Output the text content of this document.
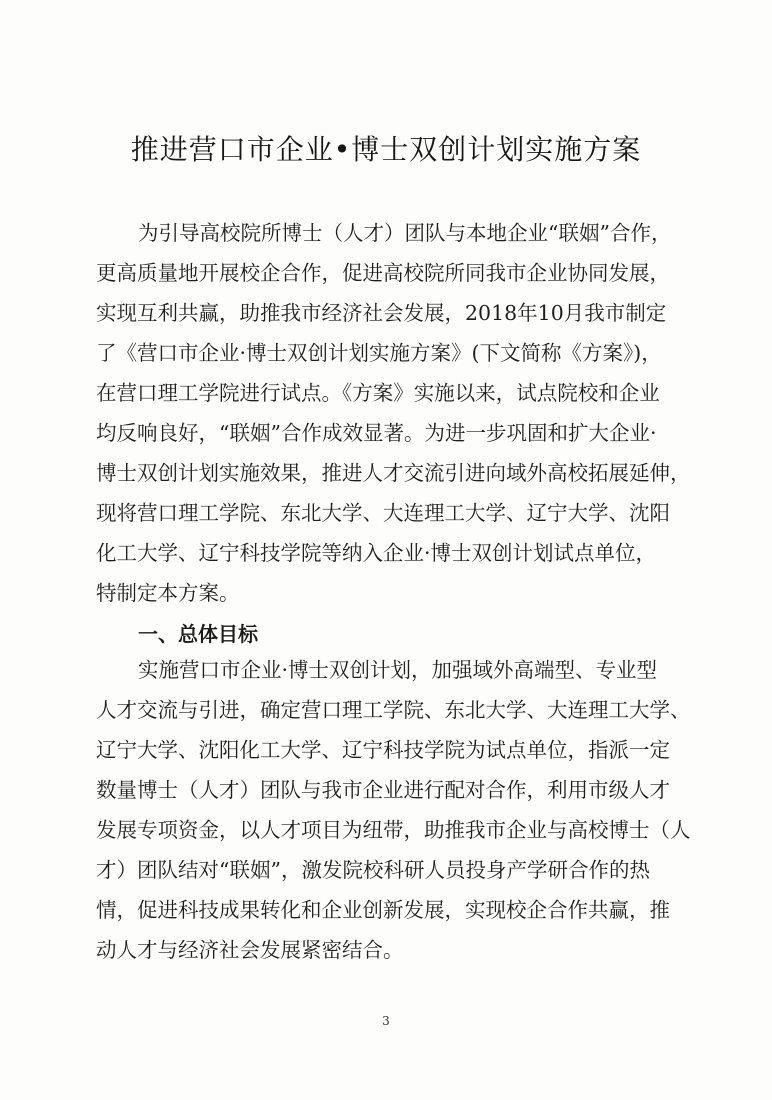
推进营口市企业•博士双创计划实施方案
为引导高校院所博士（人才）团队与本地企业“联姻”合作，
更高质量地开展校企合作，促进高校院所同我市企业协同发展，
实现互利共赢，助推我市经济社会发展，2018年10月我市制定
了《营口市企业·博士双创计划实施方案》(下文简称《方案》)，
在营口理工学院进行试点。《方案》实施以来，试点院校和企业
均反响良好，“联姻”合作成效显著。为进一步巩固和扩大企业·
博士双创计划实施效果，推进人才交流引进向域外高校拓展延伸，
现将营口理工学院、东北大学、大连理工大学、辽宁大学、沈阳
化工大学、辽宁科技学院等纳入企业·博士双创计划试点单位，
特制定本方案。
一、总体目标
实施营口市企业·博士双创计划，加强域外高端型、专业型
人才交流与引进，确定营口理工学院、东北大学、大连理工大学、
辽宁大学、沈阳化工大学、辽宁科技学院为试点单位，指派一定
数量博士（人才）团队与我市企业进行配对合作，利用市级人才
发展专项资金，以人才项目为纽带，助推我市企业与高校博士（人
才）团队结对“联姻”，激发院校科研人员投身产学研合作的热
情，促进科技成果转化和企业创新发展，实现校企合作共赢，推
动人才与经济社会发展紧密结合。
3
